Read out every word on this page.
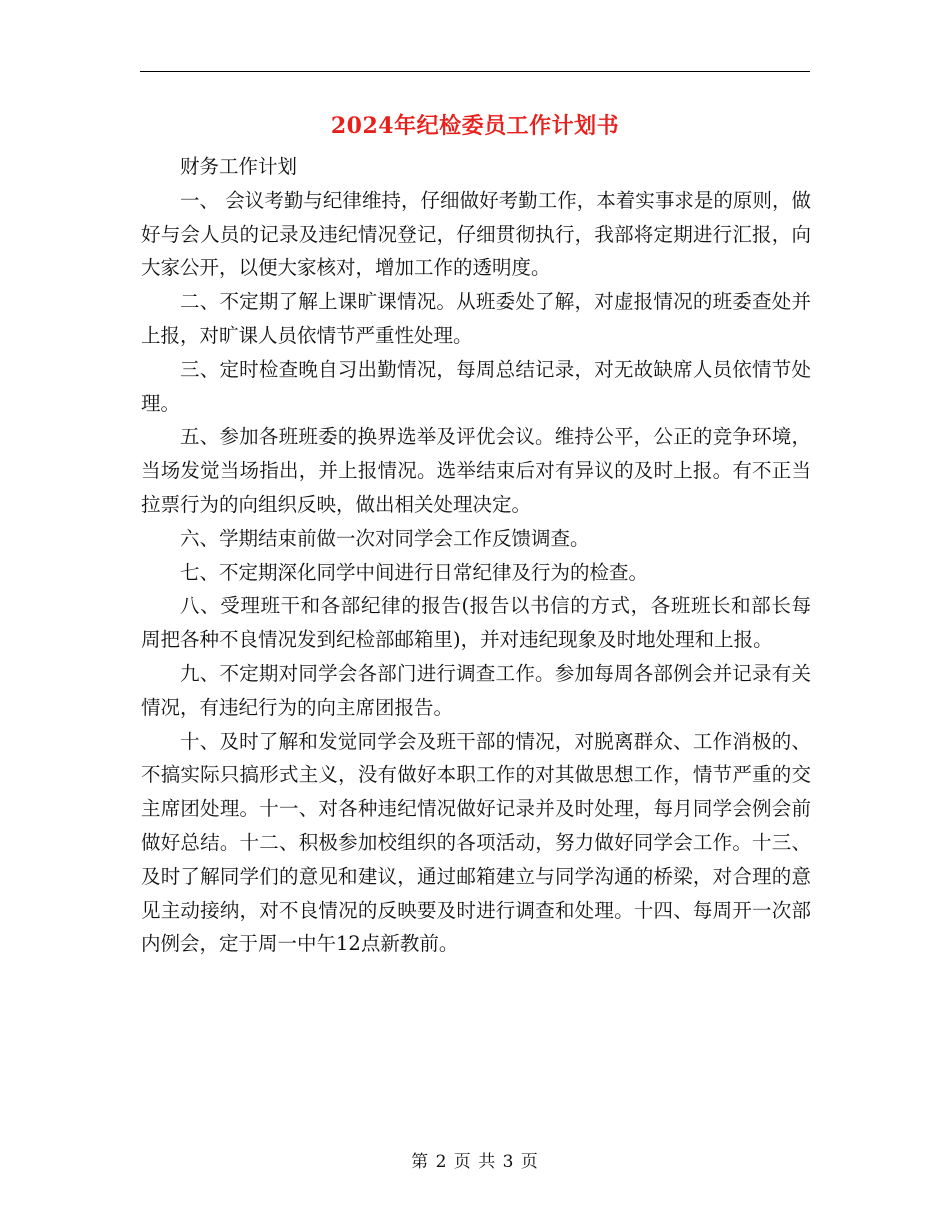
2024年纪检委员工作计划书

财务工作计划

一、 会议考勤与纪律维持，仔细做好考勤工作，本着实事求是的原则，做好与会人员的记录及违纪情况登记，仔细贯彻执行，我部将定期进行汇报，向大家公开，以便大家核对，增加工作的透明度。

二、不定期了解上课旷课情况。从班委处了解，对虚报情况的班委查处并上报，对旷课人员依情节严重性处理。

三、定时检查晚自习出勤情况，每周总结记录，对无故缺席人员依情节处理。

五、参加各班班委的换界选举及评优会议。维持公平，公正的竞争环境，当场发觉当场指出，并上报情况。选举结束后对有异议的及时上报。有不正当拉票行为的向组织反映，做出相关处理决定。

六、学期结束前做一次对同学会工作反馈调查。

七、不定期深化同学中间进行日常纪律及行为的检查。

八、受理班干和各部纪律的报告(报告以书信的方式，各班班长和部长每周把各种不良情况发到纪检部邮箱里)，并对违纪现象及时地处理和上报。

九、不定期对同学会各部门进行调查工作。参加每周各部例会并记录有关情况，有违纪行为的向主席团报告。

十、及时了解和发觉同学会及班干部的情况，对脱离群众、工作消极的、不搞实际只搞形式主义，没有做好本职工作的对其做思想工作，情节严重的交主席团处理。十一、对各种违纪情况做好记录并及时处理，每月同学会例会前做好总结。十二、积极参加校组织的各项活动，努力做好同学会工作。十三、及时了解同学们的意见和建议，通过邮箱建立与同学沟通的桥梁，对合理的意见主动接纳，对不良情况的反映要及时进行调查和处理。十四、每周开一次部内例会，定于周一中午12点新教前。

第 2 页 共 3 页
